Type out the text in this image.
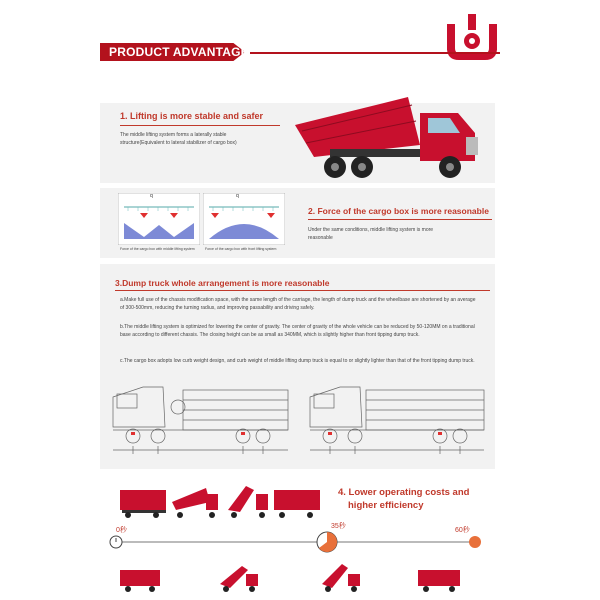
PRODUCT ADVANTAGE
1. Lifting is more stable and safer
The middle lifting system forms a laterally stable structure(Equivalent to lateral stabilizer of cargo box)
q
Force of the cargo box with middle lifting system
q
Force of the cargo box with front lifting system
2. Force of the cargo box is more reasonable
Under the same conditions, middle lifting system is more reasonable
3.Dump truck whole arrangement is more reasonable
a.Make full use of the chassis modification space, with the same length of the carriage, the length of dump truck and the wheelbase are shortened by an average of 300-500mm, reducing the turning radius, and improving passability and driving safely.
b.The middle lifting system is optimized for lowering the center of gravity. The center of gravity of the whole vehicle can be reduced by 50-120MM on a traditional base according to different chassis. The closing height can be as small as 340MM, which is slightly higher than front tipping dump truck.
c.The cargo box adopts low curb weight design, and curb weight of middle lifting dump truck is equal to or slightly lighter than that of the front tipping dump truck.
4. Lower operating costs and
higher efficiency
0秒
35秒
60秒
